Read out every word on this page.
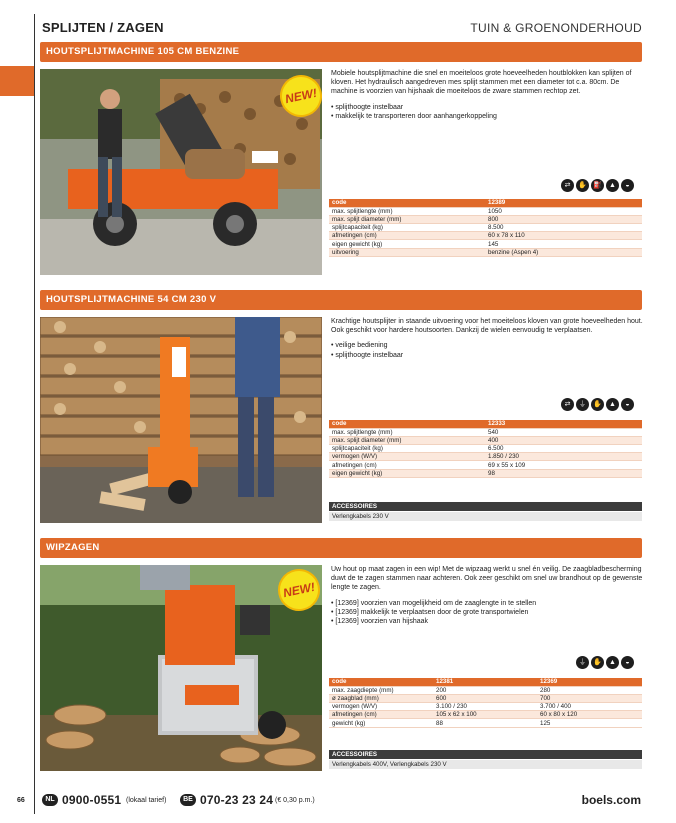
SPLIJTEN / ZAGEN	TUIN & GROENONDERHOUD
HOUTSPLIJTMACHINE 105 CM BENZINE
NEW!

Mobiele houtsplijtmachine die snel en moeiteloos grote hoeveelheden houtblokken kan splijten of kloven. Het hydraulisch aangedreven mes splijt stammen met een diameter tot c.a. 80cm. De machine is voorzien van hijshaak die moeiteloos de zware stammen rechtop zet.

• splijthoogte instelbaar
• makkelijk te transporteren door aanhangerkoppeling
⇄	✋ ⛽	▲	◒
code	12389
max. splijtlengte (mm)	1050
max. splijt diameter (mm)	800
splijtcapaciteit (kg)	8.500
afmetingen (cm)	60 x 78 x 110
eigen gewicht (kg)	145
uitvoering	benzine (Aspen 4)
HOUTSPLIJTMACHINE 54 CM 230 V

Krachtige houtsplijter in staande uitvoering voor het moeiteloos kloven van grote hoeveelheden hout. Ook geschikt voor hardere houtsoorten. Dankzij de wielen eenvoudig te verplaatsen.

• veilige bediening
• splijthoogte instelbaar
⇄	⏚	✋	▲	◒
code	12333
max. splijtlengte (mm)	540
max. splijt diameter (mm)	400
splijtcapaciteit (kg)	6.500
vermogen (W/V)	1.850 / 230
afmetingen (cm)	69 x 55 x 109
eigen gewicht (kg)	98
ACCESSOIRES
Verlengkabels 230 V
WIPZAGEN
NEW!

Uw hout op maat zagen in een wip! Met de wipzaag werkt u snel én veilig. De zaagbladbescherming duwt de te zagen stammen naar achteren. Ook zeer geschikt om snel uw brandhout op de gewenste lengte te zagen.

• [12369] voorzien van mogelijkheid om de zaaglengte in te stellen
• [12369] makkelijk te verplaatsen door de grote transportwielen
• [12369] voorzien van hijshaak
⏚	✋	▲	◒
code	12381	12369
max. zaagdiepte (mm)	200	280
ø zaagblad (mm)	600	700
vermogen (W/V)	3.100 / 230	3.700 / 400
afmetingen (cm)	105 x 62 x 100	60 x 80 x 120
gewicht (kg)	88	125
ACCESSOIRES
Verlengkabels 400V, Verlengkabels 230 V
66	NL 0900-0551 (lokaal tarief)	BE 070-23 23 24 (€ 0,30 p.m.)	boels.com
